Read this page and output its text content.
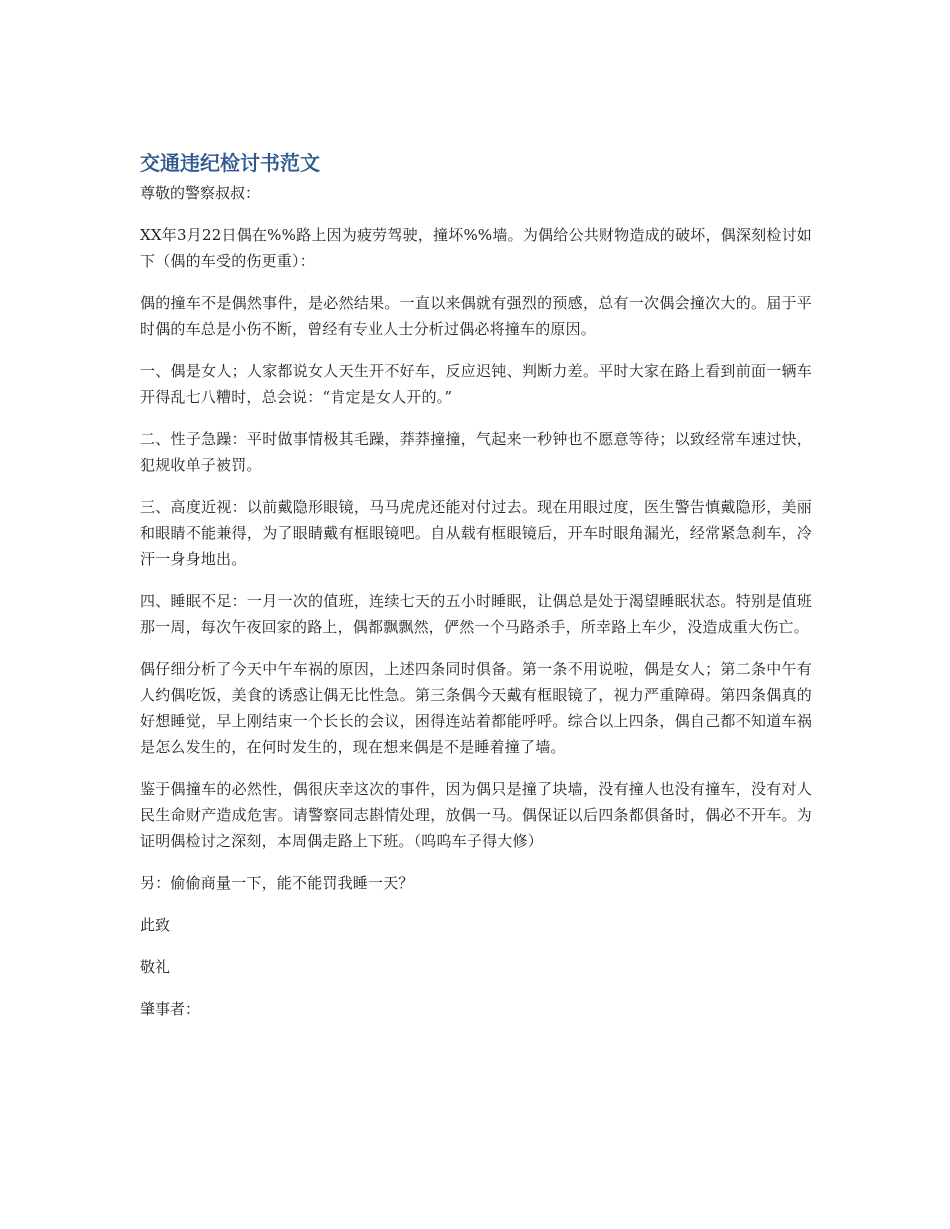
交通违纪检讨书范文

尊敬的警察叔叔：

XX年3月22日偶在%%路上因为疲劳驾驶，撞坏%%墙。为偶给公共财物造成的破坏，偶深刻检讨如下（偶的车受的伤更重）：

偶的撞车不是偶然事件，是必然结果。一直以来偶就有强烈的预感，总有一次偶会撞次大的。届于平时偶的车总是小伤不断，曾经有专业人士分析过偶必将撞车的原因。

一、偶是女人；人家都说女人天生开不好车，反应迟钝、判断力差。平时大家在路上看到前面一辆车开得乱七八糟时，总会说：“肯定是女人开的。”

二、性子急躁：平时做事情极其毛躁，莽莽撞撞，气起来一秒钟也不愿意等待；以致经常车速过快，犯规收单子被罚。

三、高度近视：以前戴隐形眼镜，马马虎虎还能对付过去。现在用眼过度，医生警告慎戴隐形，美丽和眼睛不能兼得，为了眼睛戴有框眼镜吧。自从载有框眼镜后，开车时眼角漏光，经常紧急刹车，冷汗一身身地出。

四、睡眠不足：一月一次的值班，连续七天的五小时睡眠，让偶总是处于渴望睡眠状态。特别是值班那一周，每次午夜回家的路上，偶都飘飘然，俨然一个马路杀手，所幸路上车少，没造成重大伤亡。

偶仔细分析了今天中午车祸的原因，上述四条同时俱备。第一条不用说啦，偶是女人；第二条中午有人约偶吃饭，美食的诱惑让偶无比性急。第三条偶今天戴有框眼镜了，视力严重障碍。第四条偶真的好想睡觉，早上刚结束一个长长的会议，困得连站着都能呼呼。综合以上四条，偶自己都不知道车祸是怎么发生的，在何时发生的，现在想来偶是不是睡着撞了墙。

鉴于偶撞车的必然性，偶很庆幸这次的事件，因为偶只是撞了块墙，没有撞人也没有撞车，没有对人民生命财产造成危害。请警察同志斟情处理，放偶一马。偶保证以后四条都俱备时，偶必不开车。为证明偶检讨之深刻，本周偶走路上下班。（呜呜车子得大修）

另：偷偷商量一下，能不能罚我睡一天？

此致

敬礼

肇事者：
